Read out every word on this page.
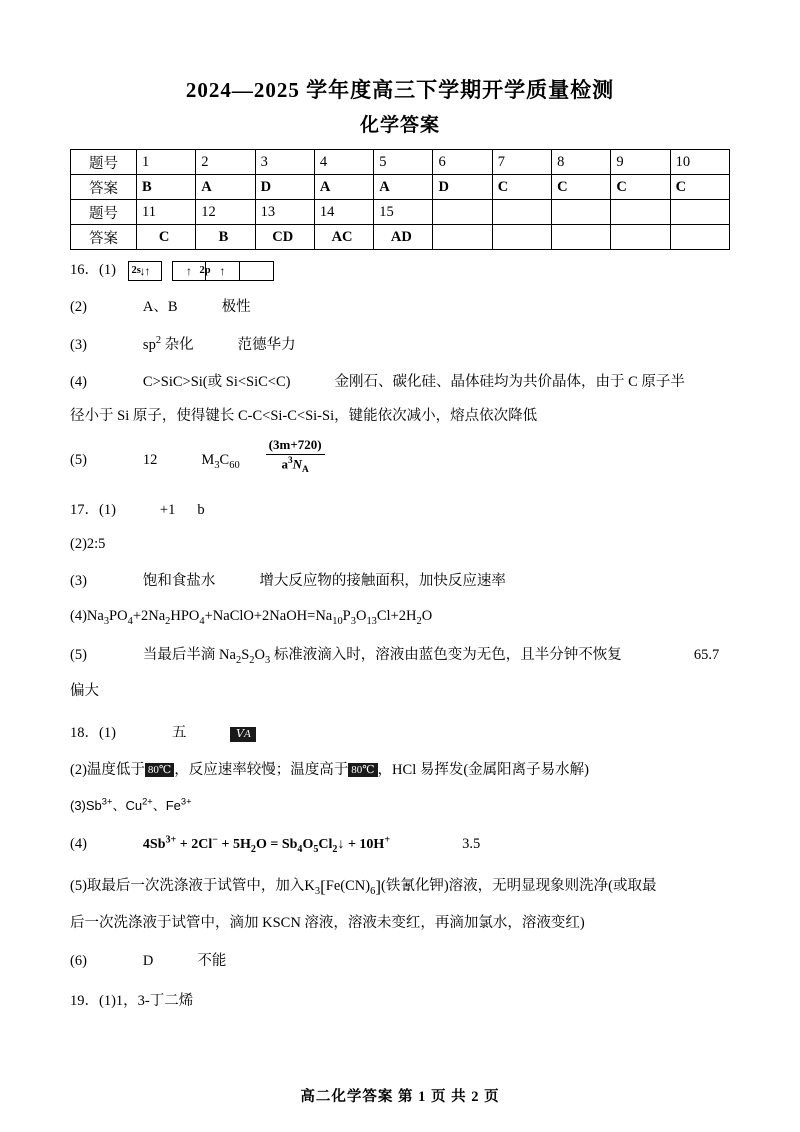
2024—2025 学年度高三下学期开学质量检测
化学答案
题号	1	2	3	4	5	6	7	8	9	10
答案	B	A	D	A	A	D	C	C	C	C
题号	11	12	13	14	15					
答案	C	B	CD	AC	AD					
16．(1) 2s	2p
↓↑	↑	↑
(2)	A、B	极性
(3)	$sp^2$ 杂化	范德华力
(4)	C>SiC>Si(或 Si<SiC<C)	金刚石、碳化硅、晶体硅均为共价晶体，由于 C 原子半
径小于 Si 原子，使得键长 C-C<Si-C<Si-Si，键能依次减小，熔点依次降低
(5)	12	$M_3C_{60} \frac{(3m+720)}{a^3N_A}$
17．(1)	+1 b
(2)2:5
(3)	饱和食盐水	增大反应物的接触面积，加快反应速率
$(4)Na_3PO_4+2Na_2HPO_4+NaClO+2NaOH=Na_{10}P_3O_{13}Cl+2H_2O$
(5)	当最后半滴 $Na_2S_2O_3$ 标准液滴入时，溶液由蓝色变为无色，且半分钟不恢复	65.7
偏大
18．(1)	五	ⅤA
(2)温度低于 80℃ ，反应速率较慢；温度高于 80℃ ，HCl 易挥发(金属阳离子易水解)
$(3)Sb^{3+}$、$Cu^{2+}$、$Fe^{3+}$
(4)	$4Sb^{3+} + 2Cl^- + 5H_2O$ = $Sb_4O_5Cl_2↓ + 10H^+$	3.5
(5)取最后一次洗涤液于试管中，加入$K_3[Fe(CN)_6]$(铁氰化钾)溶液，无明显现象则洗净(或取最
后一次洗涤液于试管中，滴加 KSCN 溶液，溶液未变红，再滴加氯水，溶液变红)
(6)	D	不能
19．(1)1，3-丁二烯
高二化学答案 第 1 页 共 2 页
